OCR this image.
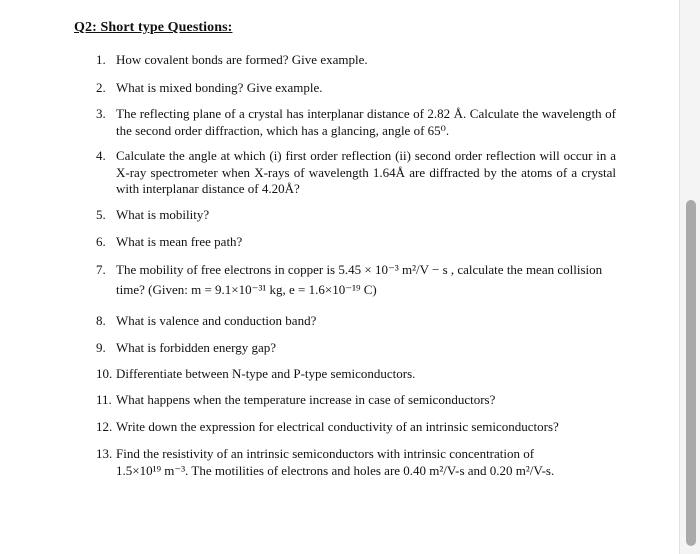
Q2: Short type Questions:
1. How covalent bonds are formed? Give example.
2. What is mixed bonding? Give example.
3. The reflecting plane of a crystal has interplanar distance of 2.82 Å. Calculate the wavelength of the second order diffraction, which has a glancing, angle of 65⁰.
4. Calculate the angle at which (i) first order reflection (ii) second order reflection will occur in a X-ray spectrometer when X-rays of wavelength 1.64Å are diffracted by the atoms of a crystal with interplanar distance of 4.20Å?
5. What is mobility?
6. What is mean free path?
7. The mobility of free electrons in copper is 5.45 × 10⁻³ m²/V − s , calculate the mean collision
time? (Given: m = 9.1×10⁻³¹ kg, e = 1.6×10⁻¹⁹ C)
8. What is valence and conduction band?
9. What is forbidden energy gap?
10. Differentiate between N-type and P-type semiconductors.
11. What happens when the temperature increase in case of semiconductors?
12. Write down the expression for electrical conductivity of an intrinsic semiconductors?
13. Find the resistivity of an intrinsic semiconductors with intrinsic concentration of
1.5×10¹⁹ m⁻³. The motilities of electrons and holes are 0.40 m²/V-s and 0.20 m²/V-s.
